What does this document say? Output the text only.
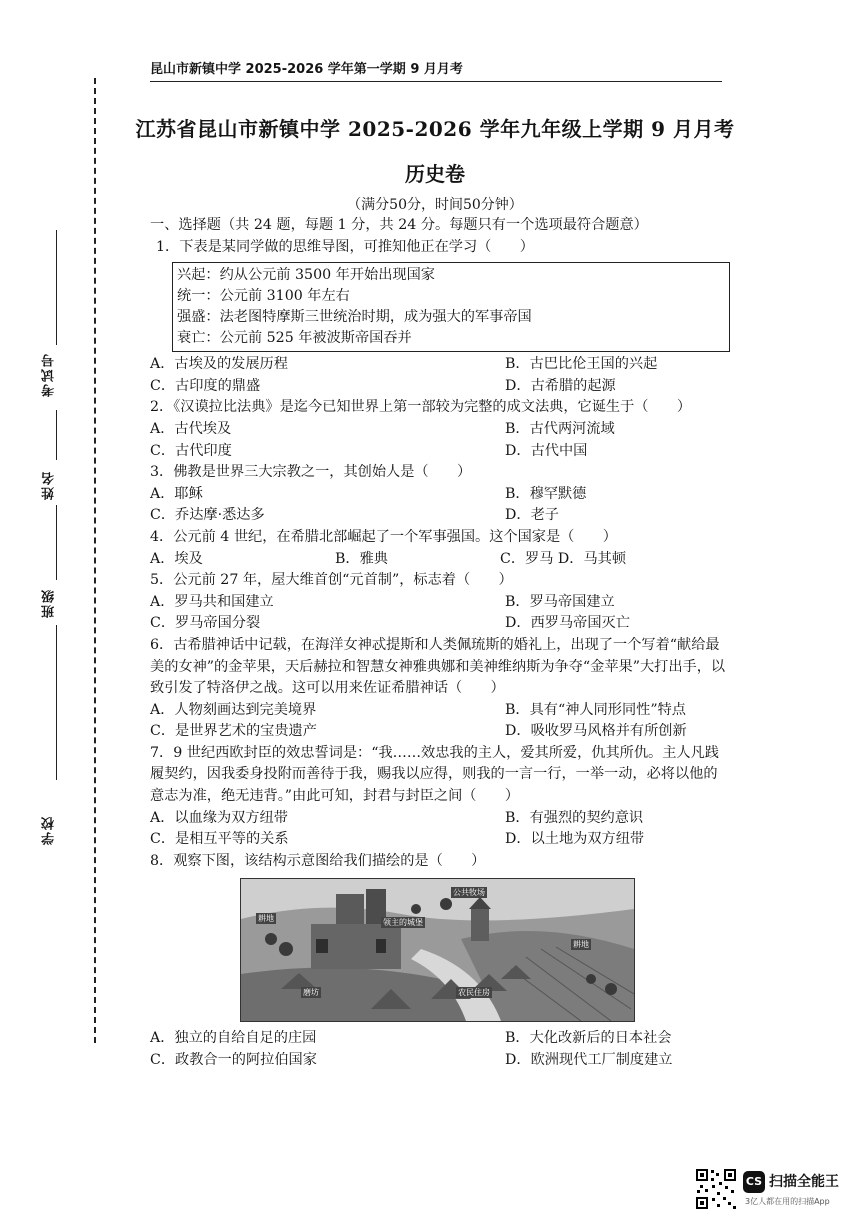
考试号
姓名
班级
学校
昆山市新镇中学 2025-2026 学年第一学期 9 月月考
江苏省昆山市新镇中学 2025-2026 学年九年级上学期 9 月月考
历史卷
（满分50分，时间50分钟）

一、选择题（共 24 题，每题 1 分，共 24 分。每题只有一个选项最符合题意）

1．下表是某同学做的思维导图，可推知他正在学习（　　）

兴起：约从公元前 3500 年开始出现国家
统一：公元前 3100 年左右
强盛：法老图特摩斯三世统治时期，成为强大的军事帝国
衰亡：公元前 525 年被波斯帝国吞并
A．古埃及的发展历程	B．古巴比伦王国的兴起
C．古印度的鼎盛	D．古希腊的起源

2．《汉谟拉比法典》是迄今已知世界上第一部较为完整的成文法典，它诞生于（　　）

A．古代埃及	B．古代两河流域
C．古代印度	D．古代中国

3．佛教是世界三大宗教之一，其创始人是（　　）

A．耶稣	B．穆罕默德
C．乔达摩·悉达多	D．老子

4．公元前 4 世纪，在希腊北部崛起了一个军事强国。这个国家是（　　）

A．埃及	B．雅典	C．罗马 D．马其顿

5．公元前 27 年，屋大维首创“元首制”，标志着（　　）

A．罗马共和国建立	B．罗马帝国建立
C．罗马帝国分裂	D．西罗马帝国灭亡

6．古希腊神话中记载，在海洋女神忒提斯和人类佩琉斯的婚礼上，出现了一个写着“献给最美的女神”的金苹果，天后赫拉和智慧女神雅典娜和美神维纳斯为争夺“金苹果”大打出手，以致引发了特洛伊之战。这可以用来佐证希腊神话（　　）

A．人物刻画达到完美境界	B．具有“神人同形同性”特点
C．是世界艺术的宝贵遗产	D．吸收罗马风格并有所创新

7．9 世纪西欧封臣的效忠誓词是：“我……效忠我的主人，爱其所爱，仇其所仇。主人凡践履契约，因我委身投附而善待于我，赐我以应得，则我的一言一行，一举一动，必将以他的意志为准，绝无违背。”由此可知，封君与封臣之间（　　）

A．以血缘为双方纽带	B．有强烈的契约意识
C．是相互平等的关系	D．以土地为双方纽带

8．观察下图，该结构示意图给我们描绘的是（　　）

公共牧场
耕地	领主的城堡
耕地
农民住房
磨坊
A．独立的自给自足的庄园	B．大化改新后的日本社会
C．政教合一的阿拉伯国家	D．欧洲现代工厂制度建立
CS 扫描全能王
3亿人都在用的扫描App
